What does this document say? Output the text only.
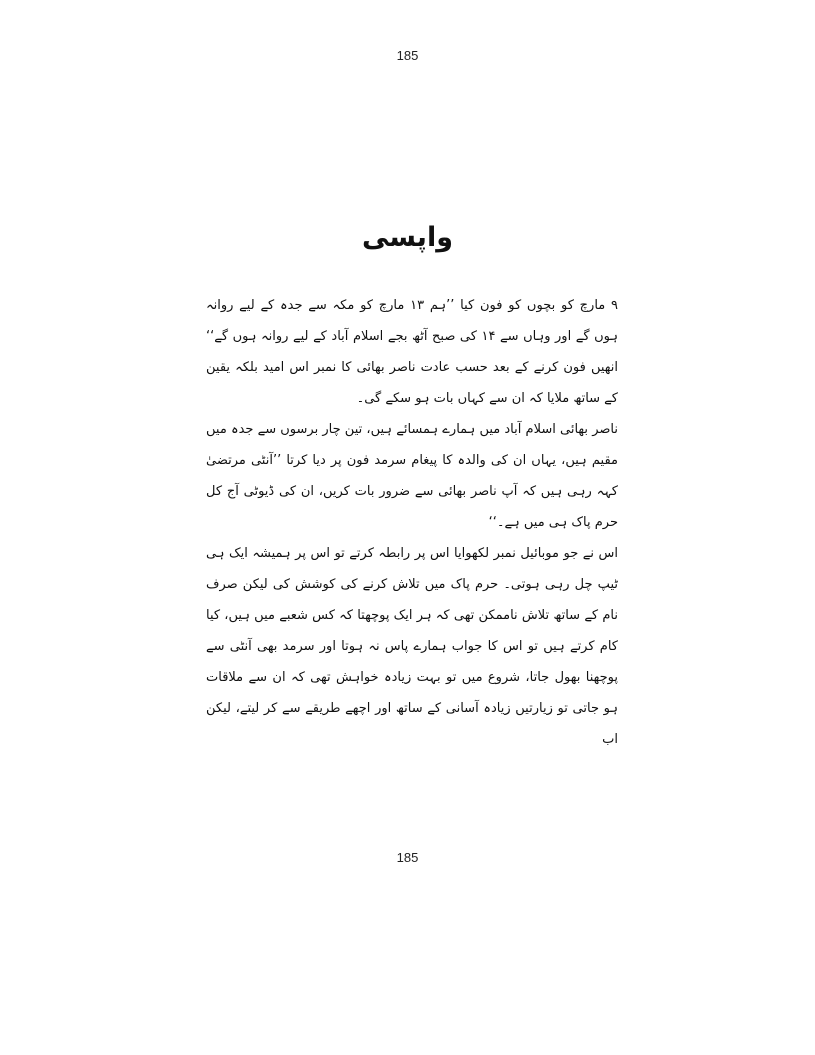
185
واپسی

۹ مارچ کو بچوں کو فون کیا ’’ہم ۱۳ مارچ کو مکہ سے جدہ کے لیے روانہ ہوں گے اور وہاں سے ۱۴ کی صبح آٹھ بجے اسلام آباد کے لیے روانہ ہوں گے‘‘ انھیں فون کرنے کے بعد حسب عادت ناصر بھائی کا نمبر اس امید بلکہ یقین کے ساتھ ملایا کہ ان سے کہاں بات ہو سکے گی۔

ناصر بھائی اسلام آباد میں ہمارے ہمسائے ہیں، تین چار برسوں سے جدہ میں مقیم ہیں، یہاں ان کی والدہ کا پیغام سرمد فون پر دیا کرتا ’’آنٹی مرتضیٰ کہہ رہی ہیں کہ آپ ناصر بھائی سے ضرور بات کریں، ان کی ڈیوٹی آج کل حرم پاک ہی میں ہے۔‘‘

اس نے جو موبائیل نمبر لکھوایا اس پر رابطہ کرتے تو اس پر ہمیشہ ایک ہی ٹیپ چل رہی ہوتی۔ حرم پاک میں تلاش کرنے کی کوشش کی لیکن صرف نام کے ساتھ تلاش ناممکن تھی کہ ہر ایک پوچھتا کہ کس شعبے میں ہیں، کیا کام کرتے ہیں تو اس کا جواب ہمارے پاس نہ ہوتا اور سرمد بھی آنٹی سے پوچھنا بھول جاتا، شروع میں تو بہت زیادہ خواہش تھی کہ ان سے ملاقات ہو جاتی تو زیارتیں زیادہ آسانی کے ساتھ اور اچھے طریقے سے کر لیتے، لیکن اب

185
